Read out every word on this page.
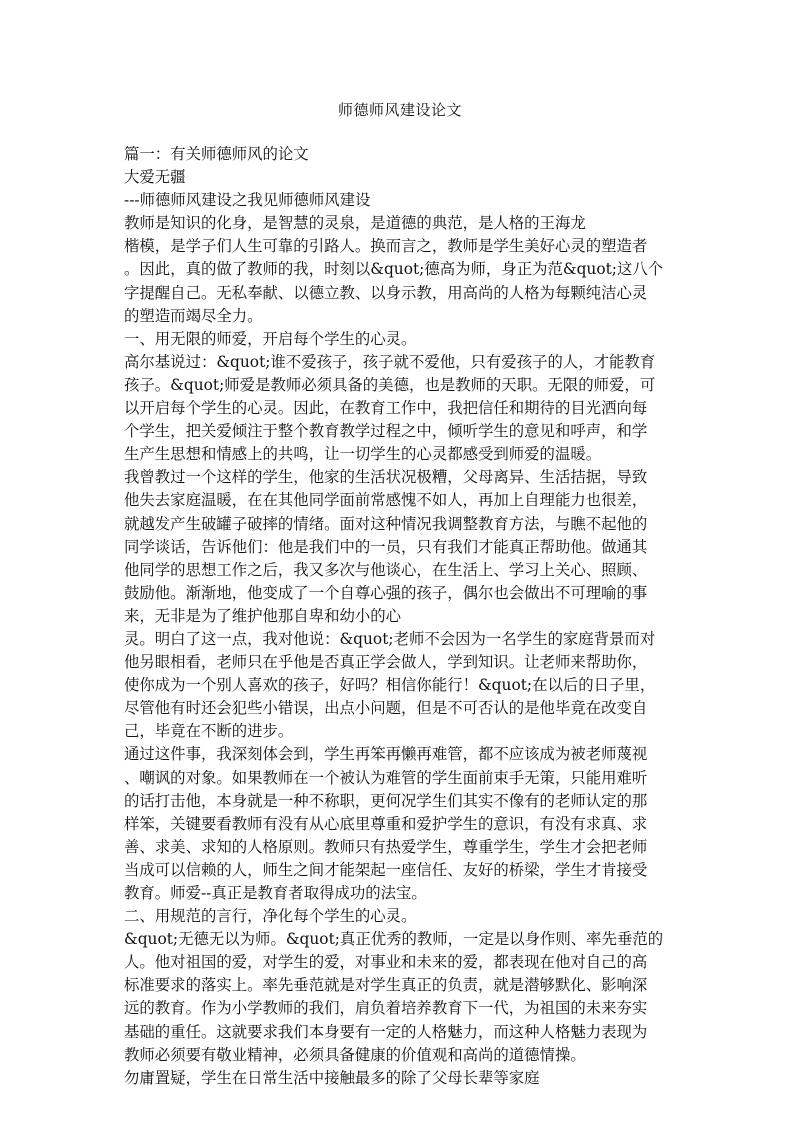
师德师风建设论文
篇一：有关师德师风的论文
大爱无疆
---师德师风建设之我见师德师风建设
教师是知识的化身，是智慧的灵泉，是道德的典范，是人格的王海龙
楷模，是学子们人生可靠的引路人。换而言之，教师是学生美好心灵的塑造者
。因此，真的做了教师的我，时刻以&quot;德高为师，身正为范&quot;这八个
字提醒自己。无私奉献、以德立教、以身示教，用高尚的人格为每颗纯洁心灵
的塑造而竭尽全力。
一、用无限的师爱，开启每个学生的心灵。
高尔基说过：&quot;谁不爱孩子，孩子就不爱他，只有爱孩子的人，才能教育
孩子。&quot;师爱是教师必须具备的美德，也是教师的天职。无限的师爱，可
以开启每个学生的心灵。因此，在教育工作中，我把信任和期待的目光洒向每
个学生，把关爱倾注于整个教育教学过程之中，倾听学生的意见和呼声，和学
生产生思想和情感上的共鸣，让一切学生的心灵都感受到师爱的温暖。
我曾教过一个这样的学生，他家的生活状况极糟，父母离异、生活拮据，导致
他失去家庭温暖，在在其他同学面前常感愧不如人，再加上自理能力也很差，
就越发产生破罐子破摔的情绪。面对这种情况我调整教育方法，与瞧不起他的
同学谈话，告诉他们：他是我们中的一员，只有我们才能真正帮助他。做通其
他同学的思想工作之后，我又多次与他谈心，在生活上、学习上关心、照顾、
鼓励他。渐渐地，他变成了一个自尊心强的孩子，偶尔也会做出不可理喻的事
来，无非是为了维护他那自卑和幼小的心
灵。明白了这一点，我对他说：&quot;老师不会因为一名学生的家庭背景而对
他另眼相看，老师只在乎他是否真正学会做人，学到知识。让老师来帮助你，
使你成为一个别人喜欢的孩子，好吗？相信你能行！&quot;在以后的日子里，
尽管他有时还会犯些小错误，出点小问题，但是不可否认的是他毕竟在改变自
己，毕竟在不断的进步。
通过这件事，我深刻体会到，学生再笨再懒再难管，都不应该成为被老师蔑视
、嘲讽的对象。如果教师在一个被认为难管的学生面前束手无策，只能用难听
的话打击他，本身就是一种不称职，更何况学生们其实不像有的老师认定的那
样笨，关键要看教师有没有从心底里尊重和爱护学生的意识，有没有求真、求
善、求美、求知的人格原则。教师只有热爱学生，尊重学生，学生才会把老师
当成可以信赖的人，师生之间才能架起一座信任、友好的桥梁，学生才肯接受
教育。师爱--真正是教育者取得成功的法宝。
二、用规范的言行，净化每个学生的心灵。
&quot;无德无以为师。&quot;真正优秀的教师，一定是以身作则、率先垂范的
人。他对祖国的爱，对学生的爱，对事业和未来的爱，都表现在他对自己的高
标准要求的落实上。率先垂范就是对学生真正的负责，就是潜够默化、影响深
远的教育。作为小学教师的我们，肩负着培养教育下一代，为祖国的未来夯实
基础的重任。这就要求我们本身要有一定的人格魅力，而这种人格魅力表现为
教师必须要有敬业精神，必须具备健康的价值观和高尚的道德情操。
勿庸置疑，学生在日常生活中接触最多的除了父母长辈等家庭
